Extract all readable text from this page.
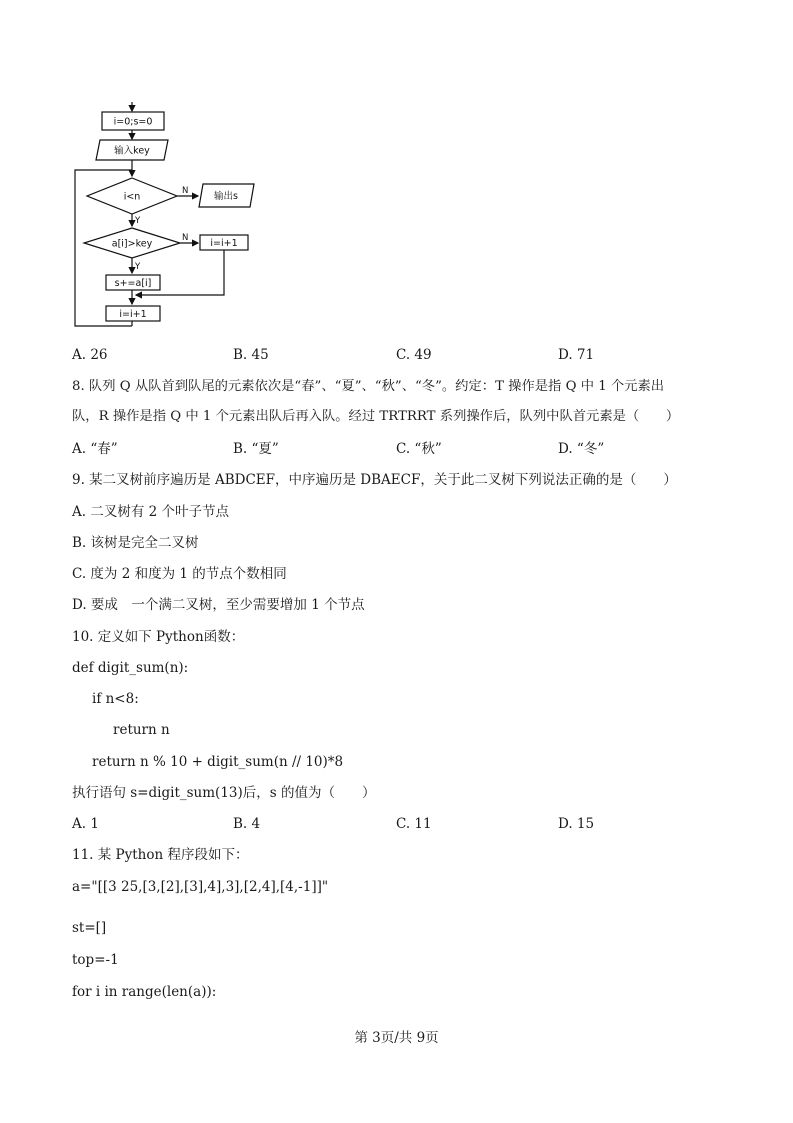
i=0;s=0
输入key
i<n
N	输出s
Y
a[i]>key
N i=i+1
Y
s+=a[i]
i=i+1
A. 26	B. 45	C. 49	D. 71
8. 队列 Q 从队首到队尾的元素依次是“春”、“夏”、“秋”、“冬”。约定：T 操作是指 Q 中 1 个元素出
队，R 操作是指 Q 中 1 个元素出队后再入队。经过 TRTRRT 系列操作后，队列中队首元素是（　　）
A. “春”	B. “夏”	C. “秋”	D. “冬”
9. 某二叉树前序遍历是 ABDCEF，中序遍历是 DBAECF，关于此二叉树下列说法正确的是（　　）
A. 二叉树有 2 个叶子节点
B. 该树是完全二叉树
C. 度为 2 和度为 1 的节点个数相同
D. 要成　一个满二叉树，至少需要增加 1 个节点
10. 定义如下 Python函数：
def digit_sum(n):
if n<8:
return n
return n % 10 + digit_sum(n // 10)*8
执行语句 s=digit_sum(13)后，s 的值为（　　）
A. 1	B. 4	C. 11	D. 15
11. 某 Python 程序段如下：
a="[[3 25,[3,[2],[3],4],3],[2,4],[4,-1]]"
st=[]
top=-1
for i in range(len(a)):
第 3页/共 9页
